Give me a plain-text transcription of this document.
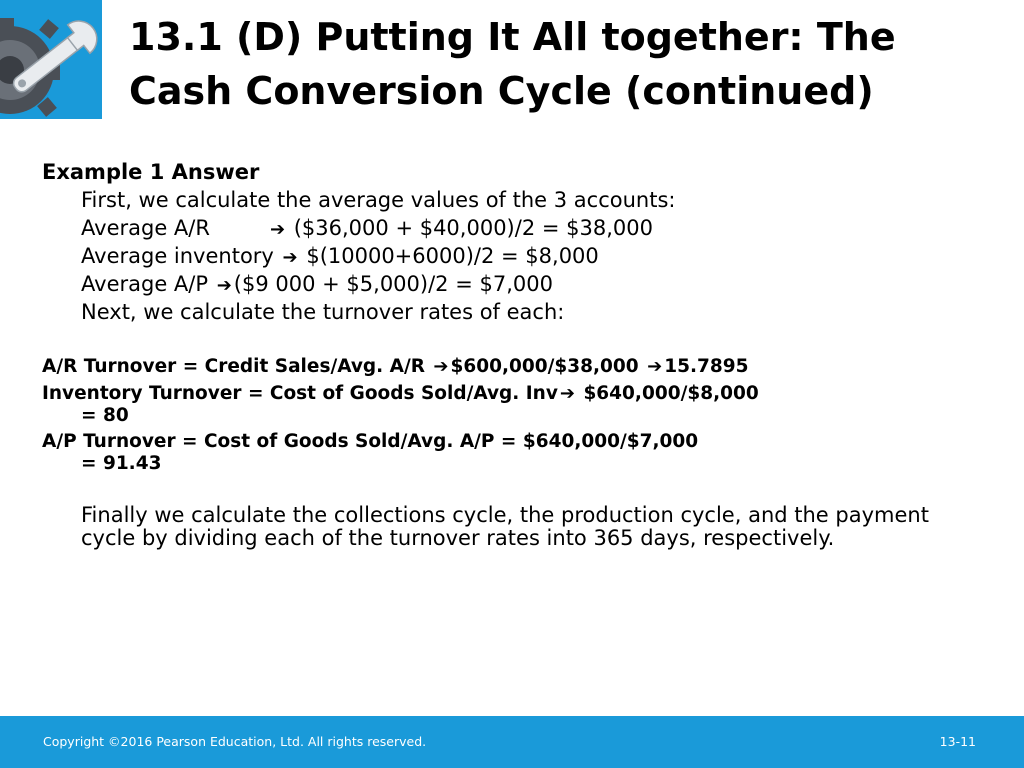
13.1 (D) Putting It All together: The
Cash Conversion Cycle (continued)
Example 1 Answer
First, we calculate the average values of the 3 accounts:
Average A/R	➔ ($36,000 + $40,000)/2 = $38,000
Average inventory ➔ $(10000+6000)/2 = $8,000
Average A/P ➔($9 000 + $5,000)/2 = $7,000
Next, we calculate the turnover rates of each:
A/R Turnover = Credit Sales/Avg. A/R ➔ $600,000/$38,000 ➔ 15.7895
Inventory Turnover = Cost of Goods Sold/Avg. Inv ➔ $640,000/$8,000
= 80
A/P Turnover = Cost of Goods Sold/Avg. A/P = $640,000/$7,000
= 91.43
Finally we calculate the collections cycle, the production cycle, and the payment cycle by dividing each of the turnover rates into 365 days, respectively.
Copyright ©2016 Pearson Education, Ltd. All rights reserved.	13-11
